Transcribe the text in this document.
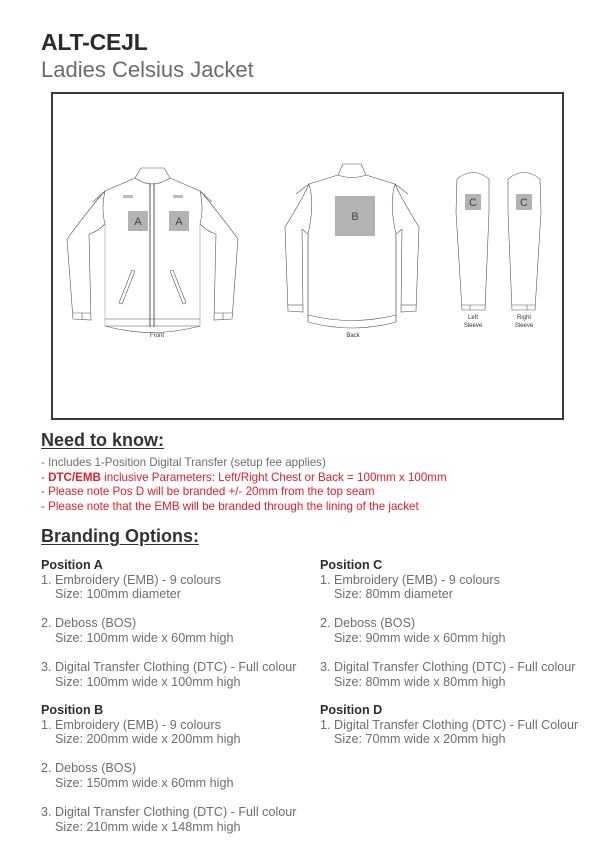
ALT-CEJL
Ladies Celsius Jacket
A	A	B
C	C
Front	Back
Left
Sleeve
Right
Sleeve
Need to know:
- Includes 1-Position Digital Transfer (setup fee applies)
- DTC/EMB inclusive Parameters: Left/Right Chest or Back = 100mm x 100mm
- Please note Pos D will be branded +/- 20mm from the top seam
- Please note that the EMB will be branded through the lining of the jacket
Branding Options:
Position A
1. Embroidery (EMB) - 9 colours
Size: 100mm diameter
2. Deboss (BOS)
Size: 100mm wide x 60mm high
3. Digital Transfer Clothing (DTC) - Full colour
Size: 100mm wide x 100mm high
Position B
1. Embroidery (EMB) - 9 colours
Size: 200mm wide x 200mm high
2. Deboss (BOS)
Size: 150mm wide x 60mm high
3. Digital Transfer Clothing (DTC) - Full colour
Size: 210mm wide x 148mm high
Position C
1. Embroidery (EMB) - 9 colours
Size: 80mm diameter
2. Deboss (BOS)
Size: 90mm wide x 60mm high
3. Digital Transfer Clothing (DTC) - Full colour
Size: 80mm wide x 80mm high
Position D
1. Digital Transfer Clothing (DTC) - Full Colour
Size: 70mm wide x 20mm high
